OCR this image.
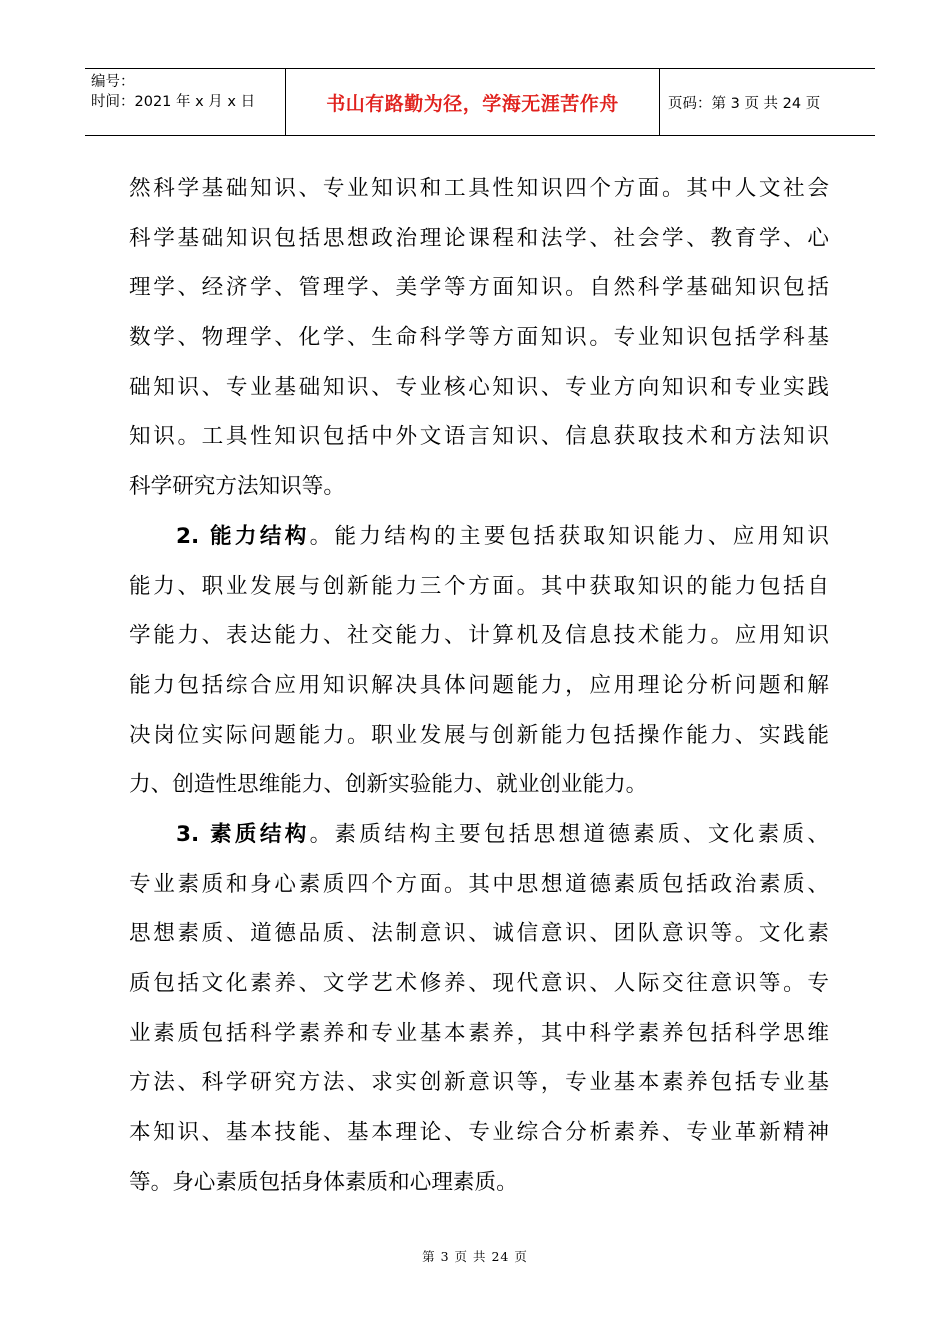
编号：
时间：2021 年 x 月 x 日	书山有路勤为径，学海无涯苦作舟	页码：第 3 页 共 24 页
然科学基础知识、专业知识和工具性知识四个方面。其中人文社会
科学基础知识包括思想政治理论课程和法学、社会学、教育学、心
理学、经济学、管理学、美学等方面知识。自然科学基础知识包括
数学、物理学、化学、生命科学等方面知识。专业知识包括学科基
础知识、专业基础知识、专业核心知识、专业方向知识和专业实践
知识。工具性知识包括中外文语言知识、信息获取技术和方法知识
科学研究方法知识等。
2. 能力结构。能力结构的主要包括获取知识能力、应用知识
能力、职业发展与创新能力三个方面。其中获取知识的能力包括自
学能力、表达能力、社交能力、计算机及信息技术能力。应用知识
能力包括综合应用知识解决具体问题能力，应用理论分析问题和解
决岗位实际问题能力。职业发展与创新能力包括操作能力、实践能
力、创造性思维能力、创新实验能力、就业创业能力。
3. 素质结构。素质结构主要包括思想道德素质、文化素质、
专业素质和身心素质四个方面。其中思想道德素质包括政治素质、
思想素质、道德品质、法制意识、诚信意识、团队意识等。文化素
质包括文化素养、文学艺术修养、现代意识、人际交往意识等。专
业素质包括科学素养和专业基本素养，其中科学素养包括科学思维
方法、科学研究方法、求实创新意识等，专业基本素养包括专业基
本知识、基本技能、基本理论、专业综合分析素养、专业革新精神
等。身心素质包括身体素质和心理素质。
第 3 页 共 24 页
